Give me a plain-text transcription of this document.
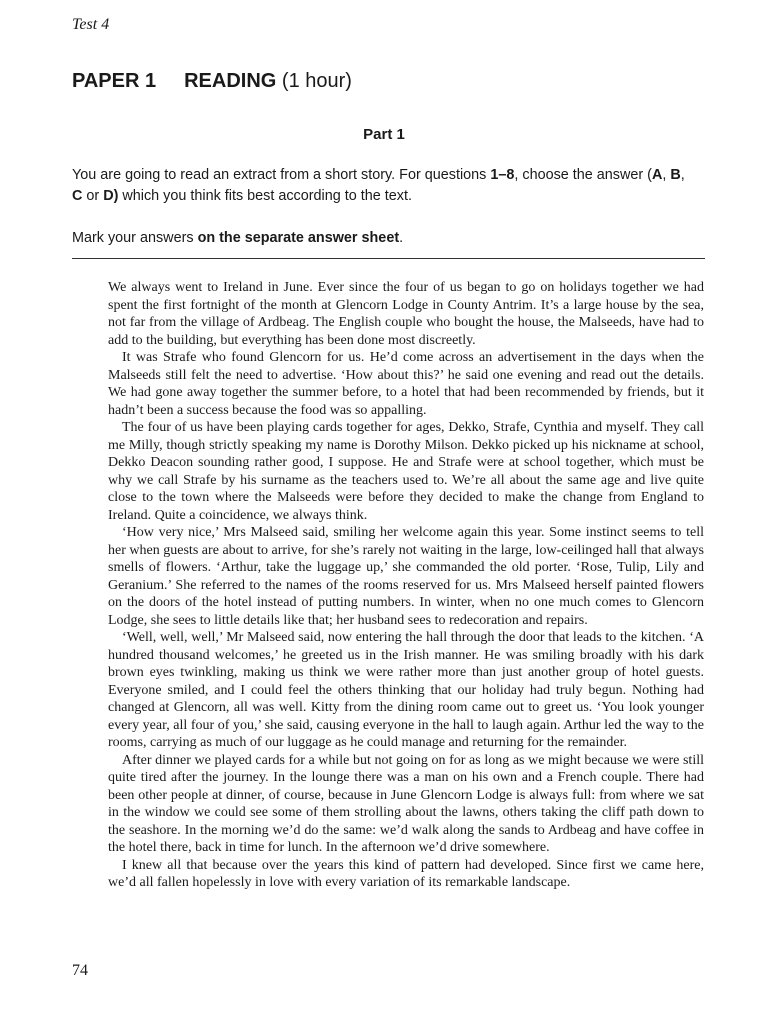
Test 4
PAPER 1 READING (1 hour)
Part 1
You are going to read an extract from a short story. For questions 1–8, choose the answer (A, B,
C or D) which you think fits best according to the text.
Mark your answers on the separate answer sheet.

We always went to Ireland in June. Ever since the four of us began to go on holidays together we had spent the first fortnight of the month at Glencorn Lodge in County Antrim. It’s a large house by the sea, not far from the village of Ardbeag. The English couple who bought the house, the Malseeds, have had to add to the building, but everything has been done most discreetly.

It was Strafe who found Glencorn for us. He’d come across an advertisement in the days when the Malseeds still felt the need to advertise. ‘How about this?’ he said one evening and read out the details. We had gone away together the summer before, to a hotel that had been recommended by friends, but it hadn’t been a success because the food was so appalling.

The four of us have been playing cards together for ages, Dekko, Strafe, Cynthia and myself. They call me Milly, though strictly speaking my name is Dorothy Milson. Dekko picked up his nickname at school, Dekko Deacon sounding rather good, I suppose. He and Strafe were at school together, which must be why we call Strafe by his surname as the teachers used to. We’re all about the same age and live quite close to the town where the Malseeds were before they decided to make the change from England to Ireland. Quite a coincidence, we always think.

‘How very nice,’ Mrs Malseed said, smiling her welcome again this year. Some instinct seems to tell her when guests are about to arrive, for she’s rarely not waiting in the large, low-ceilinged hall that always smells of flowers. ‘Arthur, take the luggage up,’ she commanded the old porter. ‘Rose, Tulip, Lily and Geranium.’ She referred to the names of the rooms reserved for us. Mrs Malseed herself painted flowers on the doors of the hotel instead of putting numbers. In winter, when no one much comes to Glencorn Lodge, she sees to little details like that; her husband sees to redecoration and repairs.

‘Well, well, well,’ Mr Malseed said, now entering the hall through the door that leads to the kitchen. ‘A hundred thousand welcomes,’ he greeted us in the Irish manner. He was smiling broadly with his dark brown eyes twinkling, making us think we were rather more than just another group of hotel guests. Everyone smiled, and I could feel the others thinking that our holiday had truly begun. Nothing had changed at Glencorn, all was well. Kitty from the dining room came out to greet us. ‘You look younger every year, all four of you,’ she said, causing everyone in the hall to laugh again. Arthur led the way to the rooms, carrying as much of our luggage as he could manage and returning for the remainder.

After dinner we played cards for a while but not going on for as long as we might because we were still quite tired after the journey. In the lounge there was a man on his own and a French couple. There had been other people at dinner, of course, because in June Glencorn Lodge is always full: from where we sat in the window we could see some of them strolling about the lawns, others taking the cliff path down to the seashore. In the morning we’d do the same: we’d walk along the sands to Ardbeag and have coffee in the hotel there, back in time for lunch. In the afternoon we’d drive somewhere.

I knew all that because over the years this kind of pattern had developed. Since first we came here, we’d all fallen hopelessly in love with every variation of its remarkable landscape.

74
